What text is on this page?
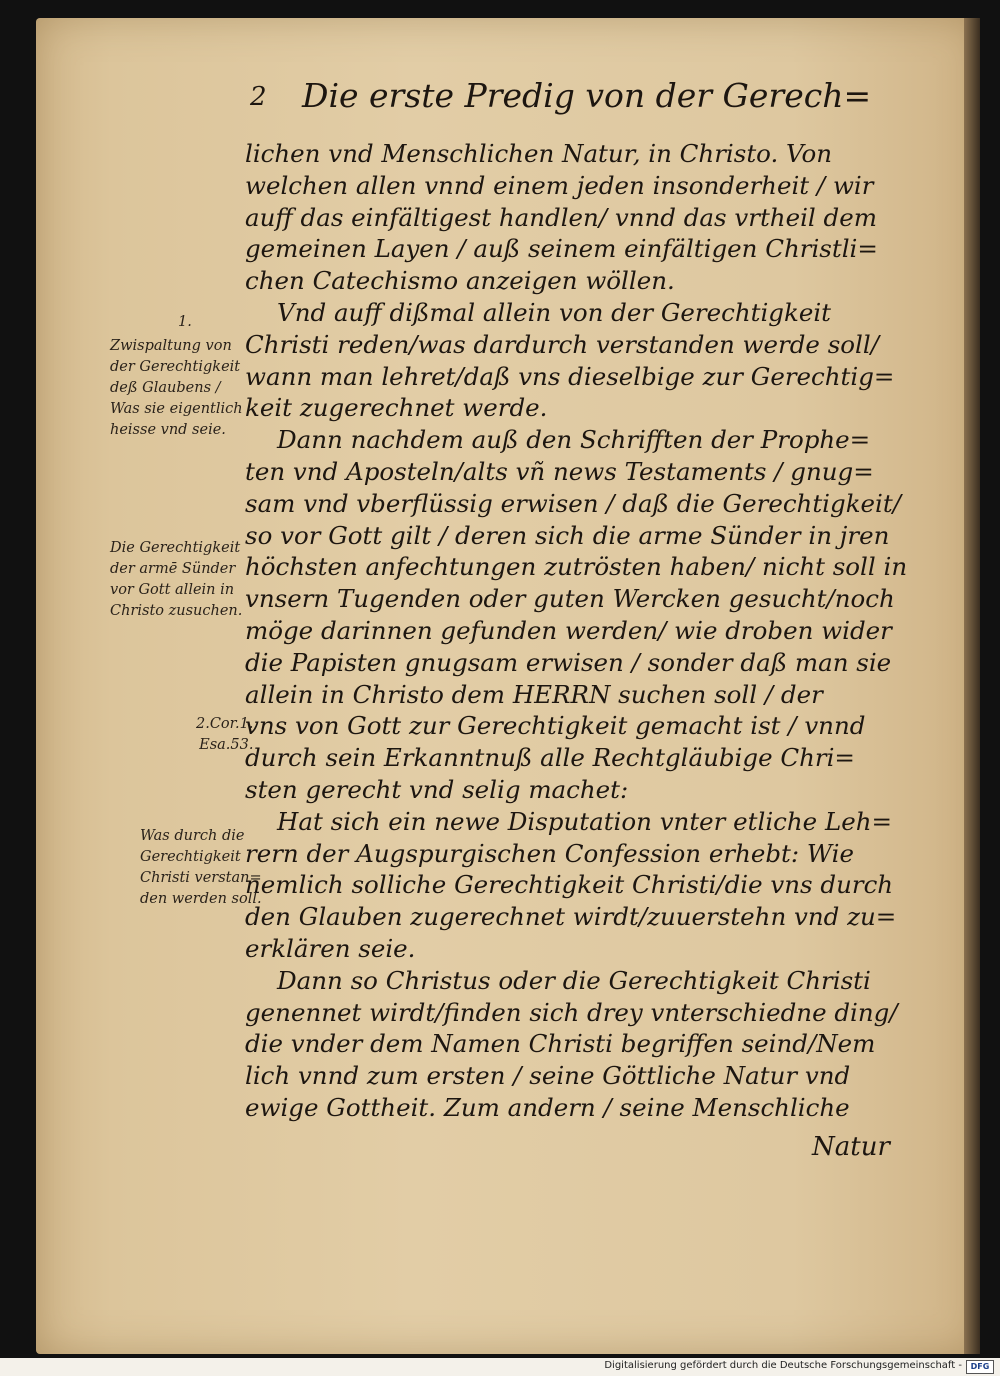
2 Die erste Predig von der Gerech=
lichen vnd Menschlichen Natur, in Christo. Von
welchen allen vnnd einem jeden insonderheit / wir
auff das einfältigest handlen/ vnnd das vrtheil dem
gemeinen Layen / auß seinem einfältigen Christli=
chen Catechismo anzeigen wöllen.
Vnd auff dißmal allein von der Gerechtigkeit
Christi reden/was dardurch verstanden werde soll/
wann man lehret/daß vns dieselbige zur Gerechtig=
keit zugerechnet werde.
Dann nachdem auß den Schrifften der Prophe=
ten vnd Aposteln/alts vñ news Testaments / gnug=
sam vnd vberflüssig erwisen / daß die Gerechtigkeit/
so vor Gott gilt / deren sich die arme Sünder in jren
höchsten anfechtungen zutrösten haben/ nicht soll in
vnsern Tugenden oder guten Wercken gesucht/noch
möge darinnen gefunden werden/ wie droben wider
die Papisten gnugsam erwisen / sonder daß man sie
allein in Christo dem HERRN suchen soll / der
vns von Gott zur Gerechtigkeit gemacht ist / vnnd
durch sein Erkanntnuß alle Rechtgläubige Chri=
sten gerecht vnd selig machet:
Hat sich ein newe Disputation vnter etliche Leh=
rern der Augspurgischen Confession erhebt: Wie
nemlich solliche Gerechtigkeit Christi/die vns durch
den Glauben zugerechnet wirdt/zuuerstehn vnd zu=
erklären seie.
Dann so Christus oder die Gerechtigkeit Christi
genennet wirdt/finden sich drey vnterschiedne ding/
die vnder dem Namen Christi begriffen seind/Nem
lich vnnd zum ersten / seine Göttliche Natur vnd
ewige Gottheit. Zum andern / seine Menschliche
Natur
1.
Zwispaltung von
der Gerechtigkeit
deß Glaubens /
Was sie eigentlich
heisse vnd seie.
Die Gerechtigkeit
der armē Sünder
vor Gott allein in
Christo zusuchen.
2.Cor.1.
Esa.53.
Was durch die
Gerechtigkeit
Christi verstan=
den werden soll.
Digitalisierung gefördert durch die Deutsche Forschungsgemeinschaft -	DFG
